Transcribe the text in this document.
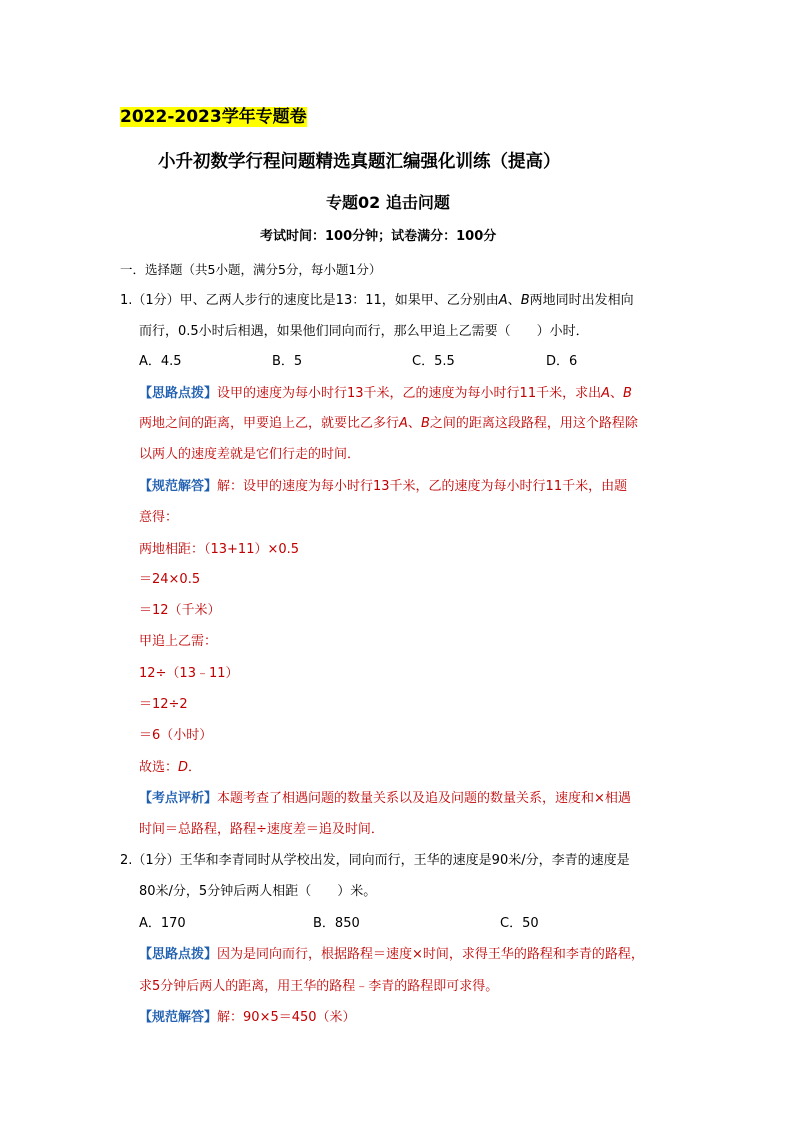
2022-2023学年专题卷
小升初数学行程问题精选真题汇编强化训练（提高）
专题02 追击问题
考试时间：100分钟；试卷满分：100分
一．选择题（共5小题，满分5分，每小题1分）
1.（1分）甲、乙两人步行的速度比是13：11，如果甲、乙分别由A、B两地同时出发相向
而行，0.5小时后相遇，如果他们同向而行，那么甲追上乙需要（　　）小时．
A．4.5	B．5	C．5.5	D．6
【思路点拨】设甲的速度为每小时行13千米，乙的速度为每小时行11千米，求出A、B
两地之间的距离，甲要追上乙，就要比乙多行A、B之间的距离这段路程，用这个路程除
以两人的速度差就是它们行走的时间．
【规范解答】解：设甲的速度为每小时行13千米，乙的速度为每小时行11千米，由题
意得：
两地相距：（13+11）×0.5
＝24×0.5
＝12（千米）
甲追上乙需：
12÷（13﹣11）
＝12÷2
＝6（小时）
故选：D．
【考点评析】本题考查了相遇问题的数量关系以及追及问题的数量关系，速度和×相遇
时间＝总路程，路程÷速度差＝追及时间．
2.（1分）王华和李青同时从学校出发，同向而行，王华的速度是90米/分，李青的速度是
80米/分，5分钟后两人相距（　　）米。
A．170	B．850	C．50
【思路点拨】因为是同向而行，根据路程＝速度×时间，求得王华的路程和李青的路程，
求5分钟后两人的距离，用王华的路程﹣李青的路程即可求得。
【规范解答】解：90×5＝450（米）
